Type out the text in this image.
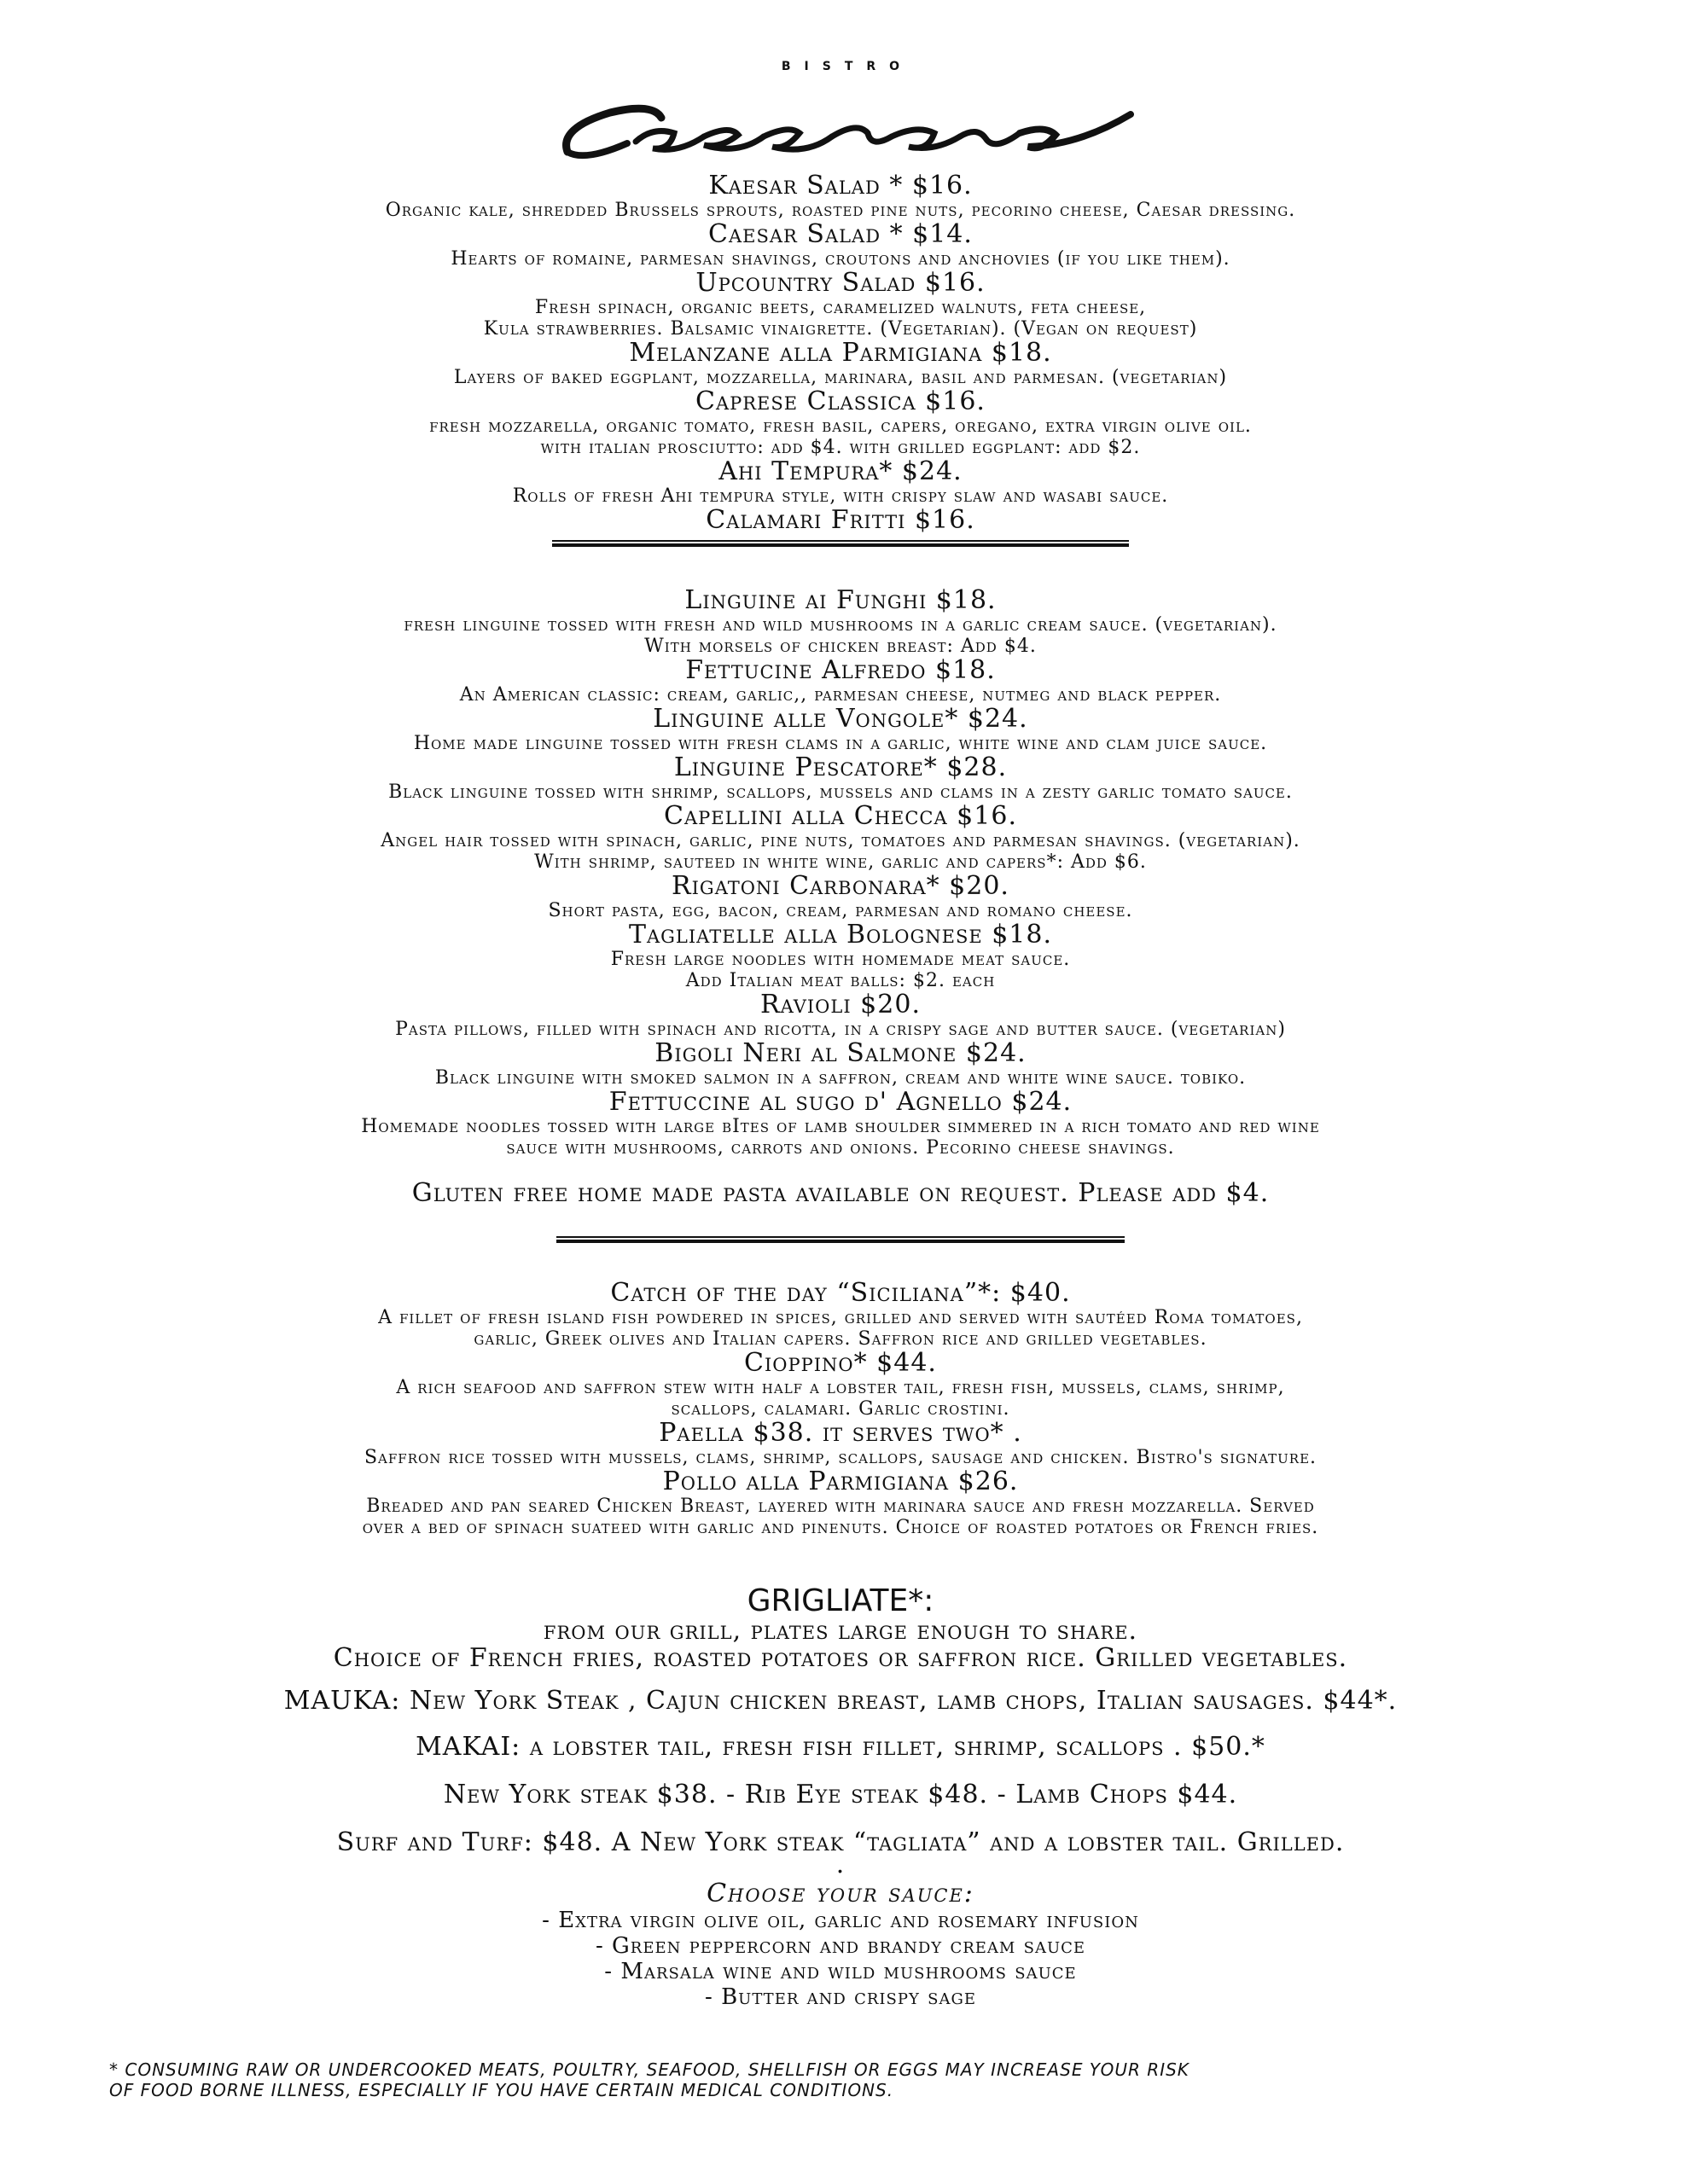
BISTRO
Kaesar Salad * $16.
Organic kale, shredded Brussels sprouts, roasted pine nuts, pecorino cheese, Caesar dressing.
Caesar Salad * $14.
Hearts of romaine, parmesan shavings, croutons and anchovies (if you like them).
Upcountry Salad $16.
Fresh spinach, organic beets, caramelized walnuts, feta cheese,
Kula strawberries. Balsamic vinaigrette. (Vegetarian). (Vegan on request)
Melanzane alla Parmigiana $18.
Layers of baked eggplant, mozzarella, marinara, basil and parmesan. (vegetarian)
Caprese Classica $16.
fresh mozzarella, organic tomato, fresh basil, capers, oregano, extra virgin olive oil.
with italian prosciutto: add $4. with grilled eggplant: add $2.
Ahi Tempura* $24.
Rolls of fresh Ahi tempura style, with crispy slaw and wasabi sauce.
Calamari Fritti $16.
Linguine ai Funghi $18.
fresh linguine tossed with fresh and wild mushrooms in a garlic cream sauce. (vegetarian).
With morsels of chicken breast: Add $4.
Fettucine Alfredo $18.
An American classic: cream, garlic,, parmesan cheese, nutmeg and black pepper.
Linguine alle Vongole* $24.
Home made linguine tossed with fresh clams in a garlic, white wine and clam juice sauce.
Linguine Pescatore* $28.
Black linguine tossed with shrimp, scallops, mussels and clams in a zesty garlic tomato sauce.
Capellini alla Checca $16.
Angel hair tossed with spinach, garlic, pine nuts, tomatoes and parmesan shavings. (vegetarian).
With shrimp, sauteed in white wine, garlic and capers*: Add $6.
Rigatoni Carbonara* $20.
Short pasta, egg, bacon, cream, parmesan and romano cheese.
Tagliatelle alla Bolognese $18.
Fresh large noodles with homemade meat sauce.
Add Italian meat balls: $2. each
Ravioli $20.
Pasta pillows, filled with spinach and ricotta, in a crispy sage and butter sauce. (vegetarian)
Bigoli Neri al Salmone $24.
Black linguine with smoked salmon in a saffron, cream and white wine sauce. tobiko.
Fettuccine al sugo d' Agnello $24.
Homemade noodles tossed with large bItes of lamb shoulder simmered in a rich tomato and red wine
sauce with mushrooms, carrots and onions. Pecorino cheese shavings.
Gluten free home made pasta available on request. Please add $4.
Catch of the day “Siciliana”*: $40.
A fillet of fresh island fish powdered in spices, grilled and served with sautéed Roma tomatoes,
garlic, Greek olives and Italian capers. Saffron rice and grilled vegetables.
Cioppino* $44.
A rich seafood and saffron stew with half a lobster tail, fresh fish, mussels, clams, shrimp,
scallops, calamari. Garlic crostini.
Paella $38. it serves two* .
Saffron rice tossed with mussels, clams, shrimp, scallops, sausage and chicken. Bistro's signature.
Pollo alla Parmigiana $26.
Breaded and pan seared Chicken Breast, layered with marinara sauce and fresh mozzarella. Served
over a bed of spinach suateed with garlic and pinenuts. Choice of roasted potatoes or French fries.
GRIGLIATE*:
from our grill, plates large enough to share.
Choice of French fries, roasted potatoes or saffron rice. Grilled vegetables.
MAUKA: New York Steak , Cajun chicken breast, lamb chops, Italian sausages. $44*.
MAKAI: a lobster tail, fresh fish fillet, shrimp, scallops . $50.*
New York steak $38. - Rib Eye steak $48. - Lamb Chops $44.
Surf and Turf: $48. A New York steak “tagliata” and a lobster tail. Grilled.
.
Choose your sauce:
- Extra virgin olive oil, garlic and rosemary infusion
- Green peppercorn and brandy cream sauce
- Marsala wine and wild mushrooms sauce
- Butter and crispy sage
* CONSUMING RAW OR UNDERCOOKED MEATS, POULTRY, SEAFOOD, SHELLFISH OR EGGS MAY INCREASE YOUR RISK
OF FOOD BORNE ILLNESS, ESPECIALLY IF YOU HAVE CERTAIN MEDICAL CONDITIONS.
